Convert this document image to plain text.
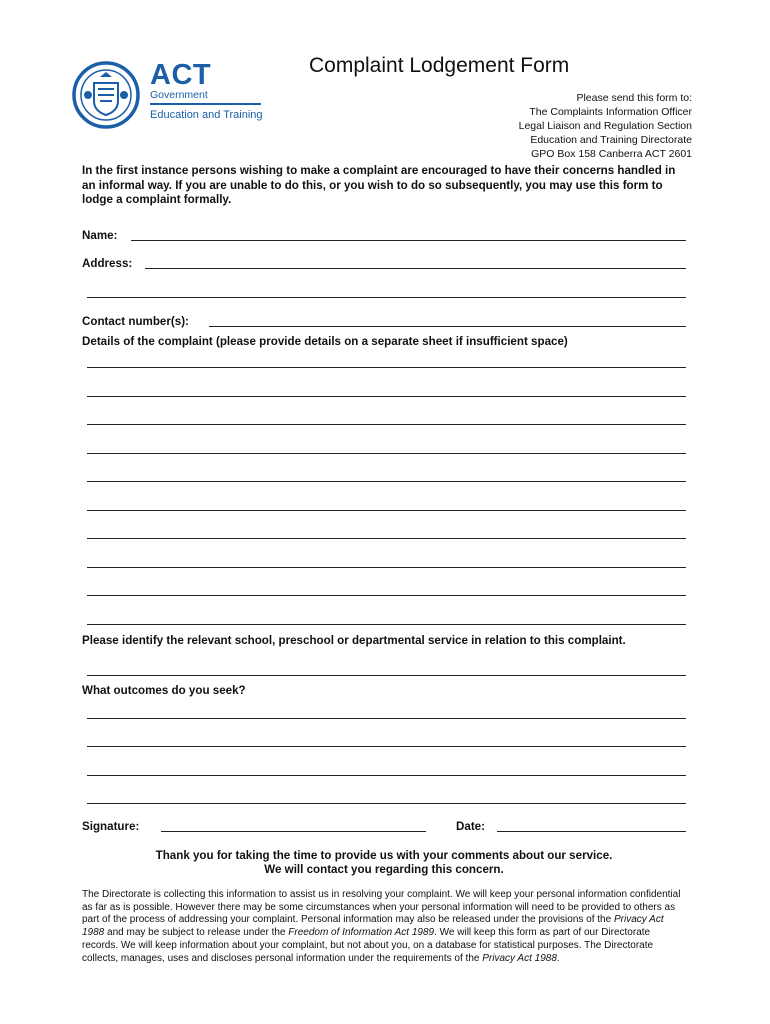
ACT
Government
Education and Training
Complaint Lodgement Form
Please send this form to:
The Complaints Information Officer
Legal Liaison and Regulation Section
Education and Training Directorate
GPO Box 158 Canberra ACT 2601
In the first instance persons wishing to make a complaint are encouraged to have their concerns handled in an informal way. If you are unable to do this, or you wish to do so subsequently, you may use this form to lodge a complaint formally.
Name:
Address:
Contact number(s):
Details of the complaint (please provide details on a separate sheet if insufficient space)
Please identify the relevant school, preschool or departmental service in relation to this complaint.
What outcomes do you seek?
Signature:	Date:
Thank you for taking the time to provide us with your comments about our service.
We will contact you regarding this concern.
The Directorate is collecting this information to assist us in resolving your complaint. We will keep your personal information confidential as far as is possible. However there may be some circumstances when your personal information will need to be provided to others as part of the process of addressing your complaint. Personal information may also be released under the provisions of the Privacy Act 1988 and may be subject to release under the Freedom of Information Act 1989. We will keep this form as part of our Directorate records. We will keep information about your complaint, but not about you, on a database for statistical purposes. The Directorate collects, manages, uses and discloses personal information under the requirements of the Privacy Act 1988.
